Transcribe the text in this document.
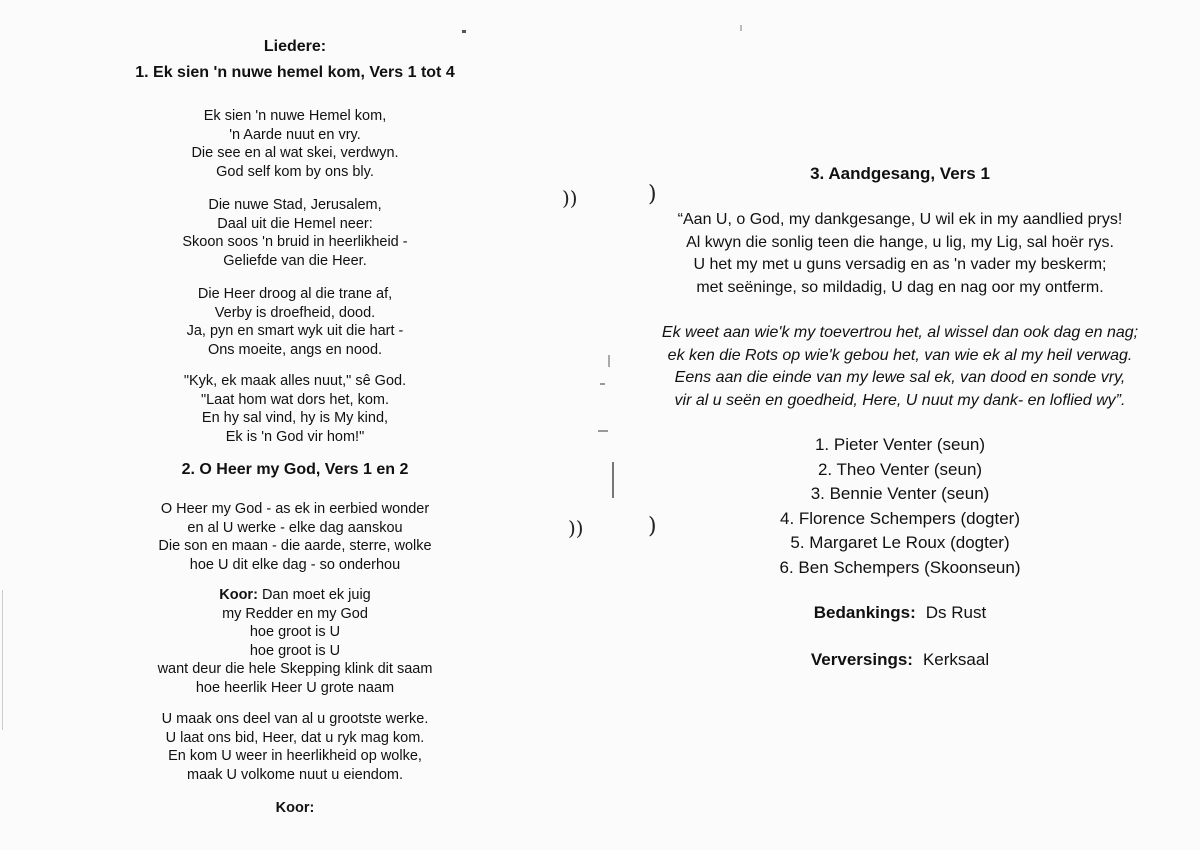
Liedere:
1. Ek sien 'n nuwe hemel kom, Vers 1 tot 4
Ek sien 'n nuwe Hemel kom,
'n Aarde nuut en vry.
Die see en al wat skei, verdwyn.
God self kom by ons bly.
Die nuwe Stad, Jerusalem,
Daal uit die Hemel neer:
Skoon soos 'n bruid in heerlikheid -
Geliefde van die Heer.
Die Heer droog al die trane af,
Verby is droefheid, dood.
Ja, pyn en smart wyk uit die hart -
Ons moeite, angs en nood.
"Kyk, ek maak alles nuut," sê God.
"Laat hom wat dors het, kom.
En hy sal vind, hy is My kind,
Ek is 'n God vir hom!"
2. O Heer my God, Vers 1 en 2
O Heer my God - as ek in eerbied wonder
en al U werke - elke dag aanskou
Die son en maan - die aarde, sterre, wolke
hoe U dit elke dag - so onderhou
Koor: Dan moet ek juig
my Redder en my God
hoe groot is U
hoe groot is U
want deur die hele Skepping klink dit saam
hoe heerlik Heer U grote naam
U maak ons deel van al u grootste werke.
U laat ons bid, Heer, dat u ryk mag kom.
En kom U weer in heerlikheid op wolke,
maak U volkome nuut u eiendom.
Koor:
3. Aandgesang, Vers 1
“Aan U, o God, my dankgesange, U wil ek in my aandlied prys!
Al kwyn die sonlig teen die hange, u lig, my Lig, sal hoër rys.
U het my met u guns versadig en as 'n vader my beskerm;
met seëninge, so mildadig, U dag en nag oor my ontferm.
Ek weet aan wie'k my toevertrou het, al wissel dan ook dag en nag;
ek ken die Rots op wie'k gebou het, van wie ek al my heil verwag.
Eens aan die einde van my lewe sal ek, van dood en sonde vry,
vir al u seën en goedheid, Here, U nuut my dank- en loflied wy”.
1. Pieter Venter (seun)
2. Theo Venter (seun)
3. Bennie Venter (seun)
4. Florence Schempers (dogter)
5. Margaret Le Roux (dogter)
6. Ben Schempers (Skoonseun)
Bedankings: Ds Rust
Verversings: Kerksaal
))	)
))	)
